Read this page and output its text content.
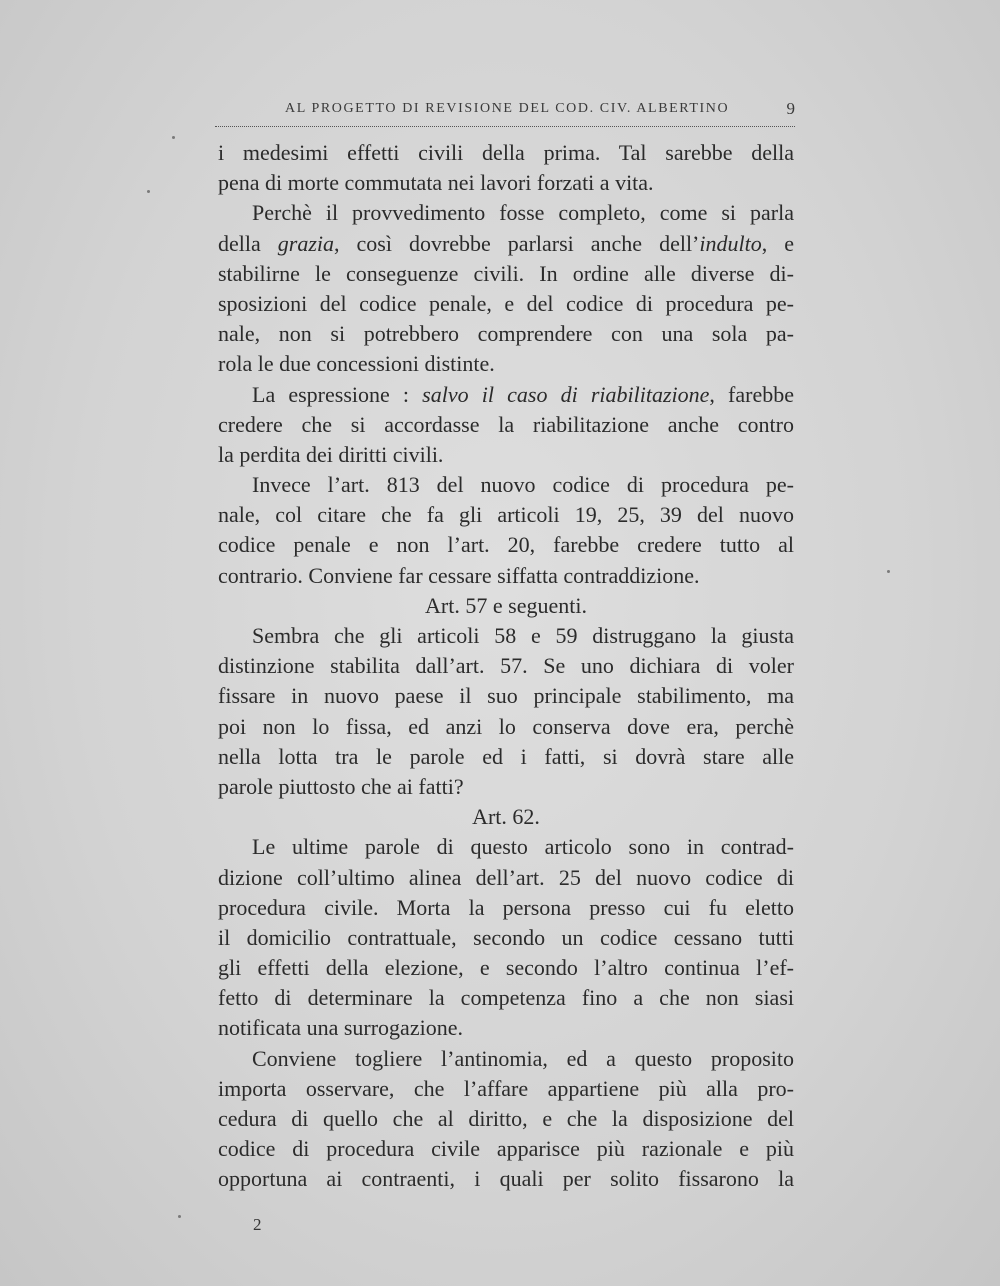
AL PROGETTO DI REVISIONE DEL COD. CIV. ALBERTINO	9
i medesimi effetti civili della prima. Tal sarebbe della
pena di morte commutata nei lavori forzati a vita.
Perchè il provvedimento fosse completo, come si parla
della grazia, così dovrebbe parlarsi anche dell’indulto, e
stabilirne le conseguenze civili. In ordine alle diverse di-
sposizioni del codice penale, e del codice di procedura pe-
nale, non si potrebbero comprendere con una sola pa-
rola le due concessioni distinte.
La espressione : salvo il caso di riabilitazione, farebbe
credere che si accordasse la riabilitazione anche contro
la perdita dei diritti civili.
Invece l’art. 813 del nuovo codice di procedura pe-
nale, col citare che fa gli articoli 19, 25, 39 del nuovo
codice penale e non l’art. 20, farebbe credere tutto al
contrario. Conviene far cessare siffatta contraddizione.
Art. 57 e seguenti.
Sembra che gli articoli 58 e 59 distruggano la giusta
distinzione stabilita dall’art. 57. Se uno dichiara di voler
fissare in nuovo paese il suo principale stabilimento, ma
poi non lo fissa, ed anzi lo conserva dove era, perchè
nella lotta tra le parole ed i fatti, si dovrà stare alle
parole piuttosto che ai fatti?
Art. 62.
Le ultime parole di questo articolo sono in contrad-
dizione coll’ultimo alinea dell’art. 25 del nuovo codice di
procedura civile. Morta la persona presso cui fu eletto
il domicilio contrattuale, secondo un codice cessano tutti
gli effetti della elezione, e secondo l’altro continua l’ef-
fetto di determinare la competenza fino a che non siasi
notificata una surrogazione.
Conviene togliere l’antinomia, ed a questo proposito
importa osservare, che l’affare appartiene più alla pro-
cedura di quello che al diritto, e che la disposizione del
codice di procedura civile apparisce più razionale e più
opportuna ai contraenti, i quali per solito fissarono la
2
